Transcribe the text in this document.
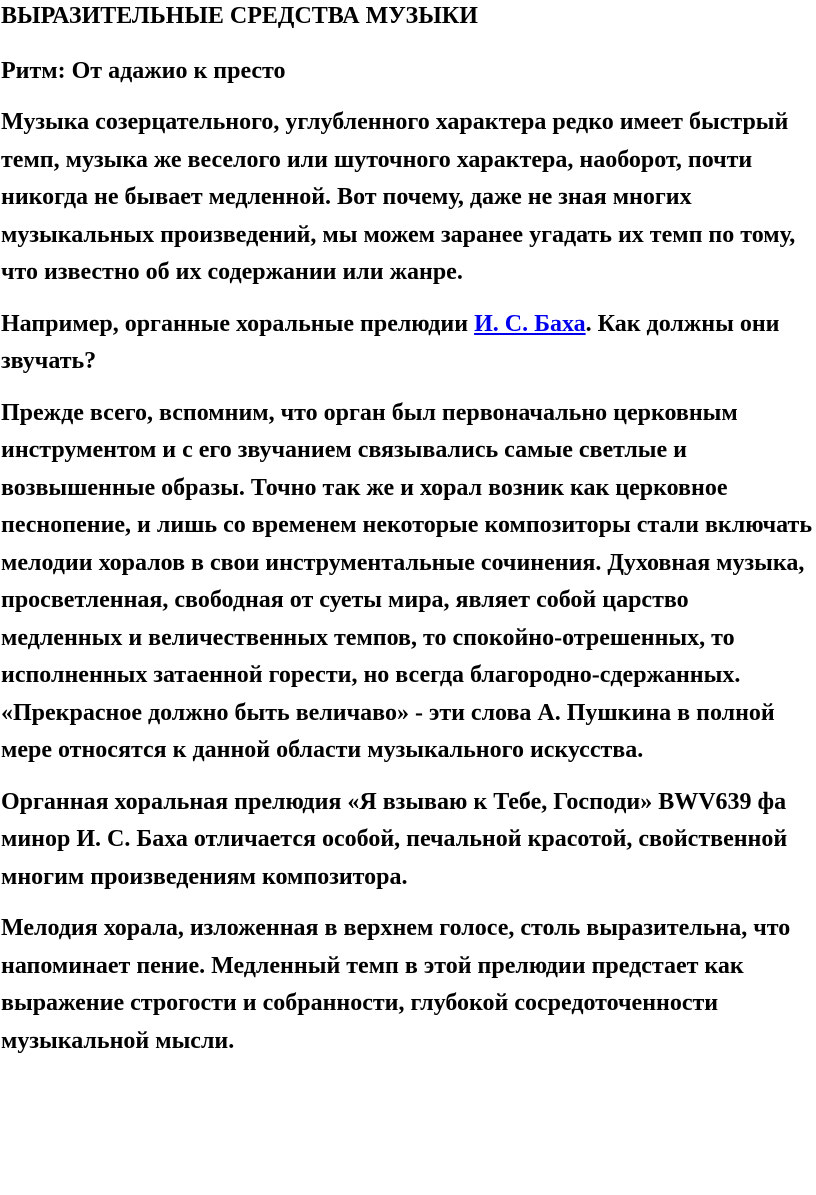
ВЫРАЗИТЕЛЬНЫЕ СРЕДСТВА МУЗЫКИ
Ритм: От адажио к престо

Музыка созерцательного, углубленного характера редко имеет быстрый темп, музыка же веселого или шуточного характера, наоборот, почти никогда не бывает медленной. Вот почему, даже не зная многих музыкальных произведений, мы можем заранее угадать их темп по тому, что известно об их содержании или жанре.

Например, органные хоральные прелюдии И. С. Баха. Как должны они звучать?

Прежде всего, вспомним, что орган был первоначально церковным инструментом и с его звучанием связывались самые светлые и возвышенные образы. Точно так же и хорал возник как церковное песнопение, и лишь со временем некоторые композиторы стали включать мелодии хоралов в свои инструментальные сочинения. Духовная музыка, просветленная, свободная от суеты мира, являет собой царство медленных и величественных темпов, то спокойно-отрешенных, то исполненных затаенной горести, но всегда благородно-сдержанных. «Прекрасное должно быть величаво» - эти слова А. Пушкина в полной мере относятся к данной области музыкального искусства.

Органная хоральная прелюдия «Я взываю к Тебе, Господи» BWV639 фа минор И. С. Баха отличается особой, печальной красотой, свойственной многим произведениям композитора.

Мелодия хорала, изложенная в верхнем голосе, столь выразительна, что напоминает пение. Медленный темп в этой прелюдии предстает как выражение строгости и собранности, глубокой сосредоточенности музыкальной мысли.
